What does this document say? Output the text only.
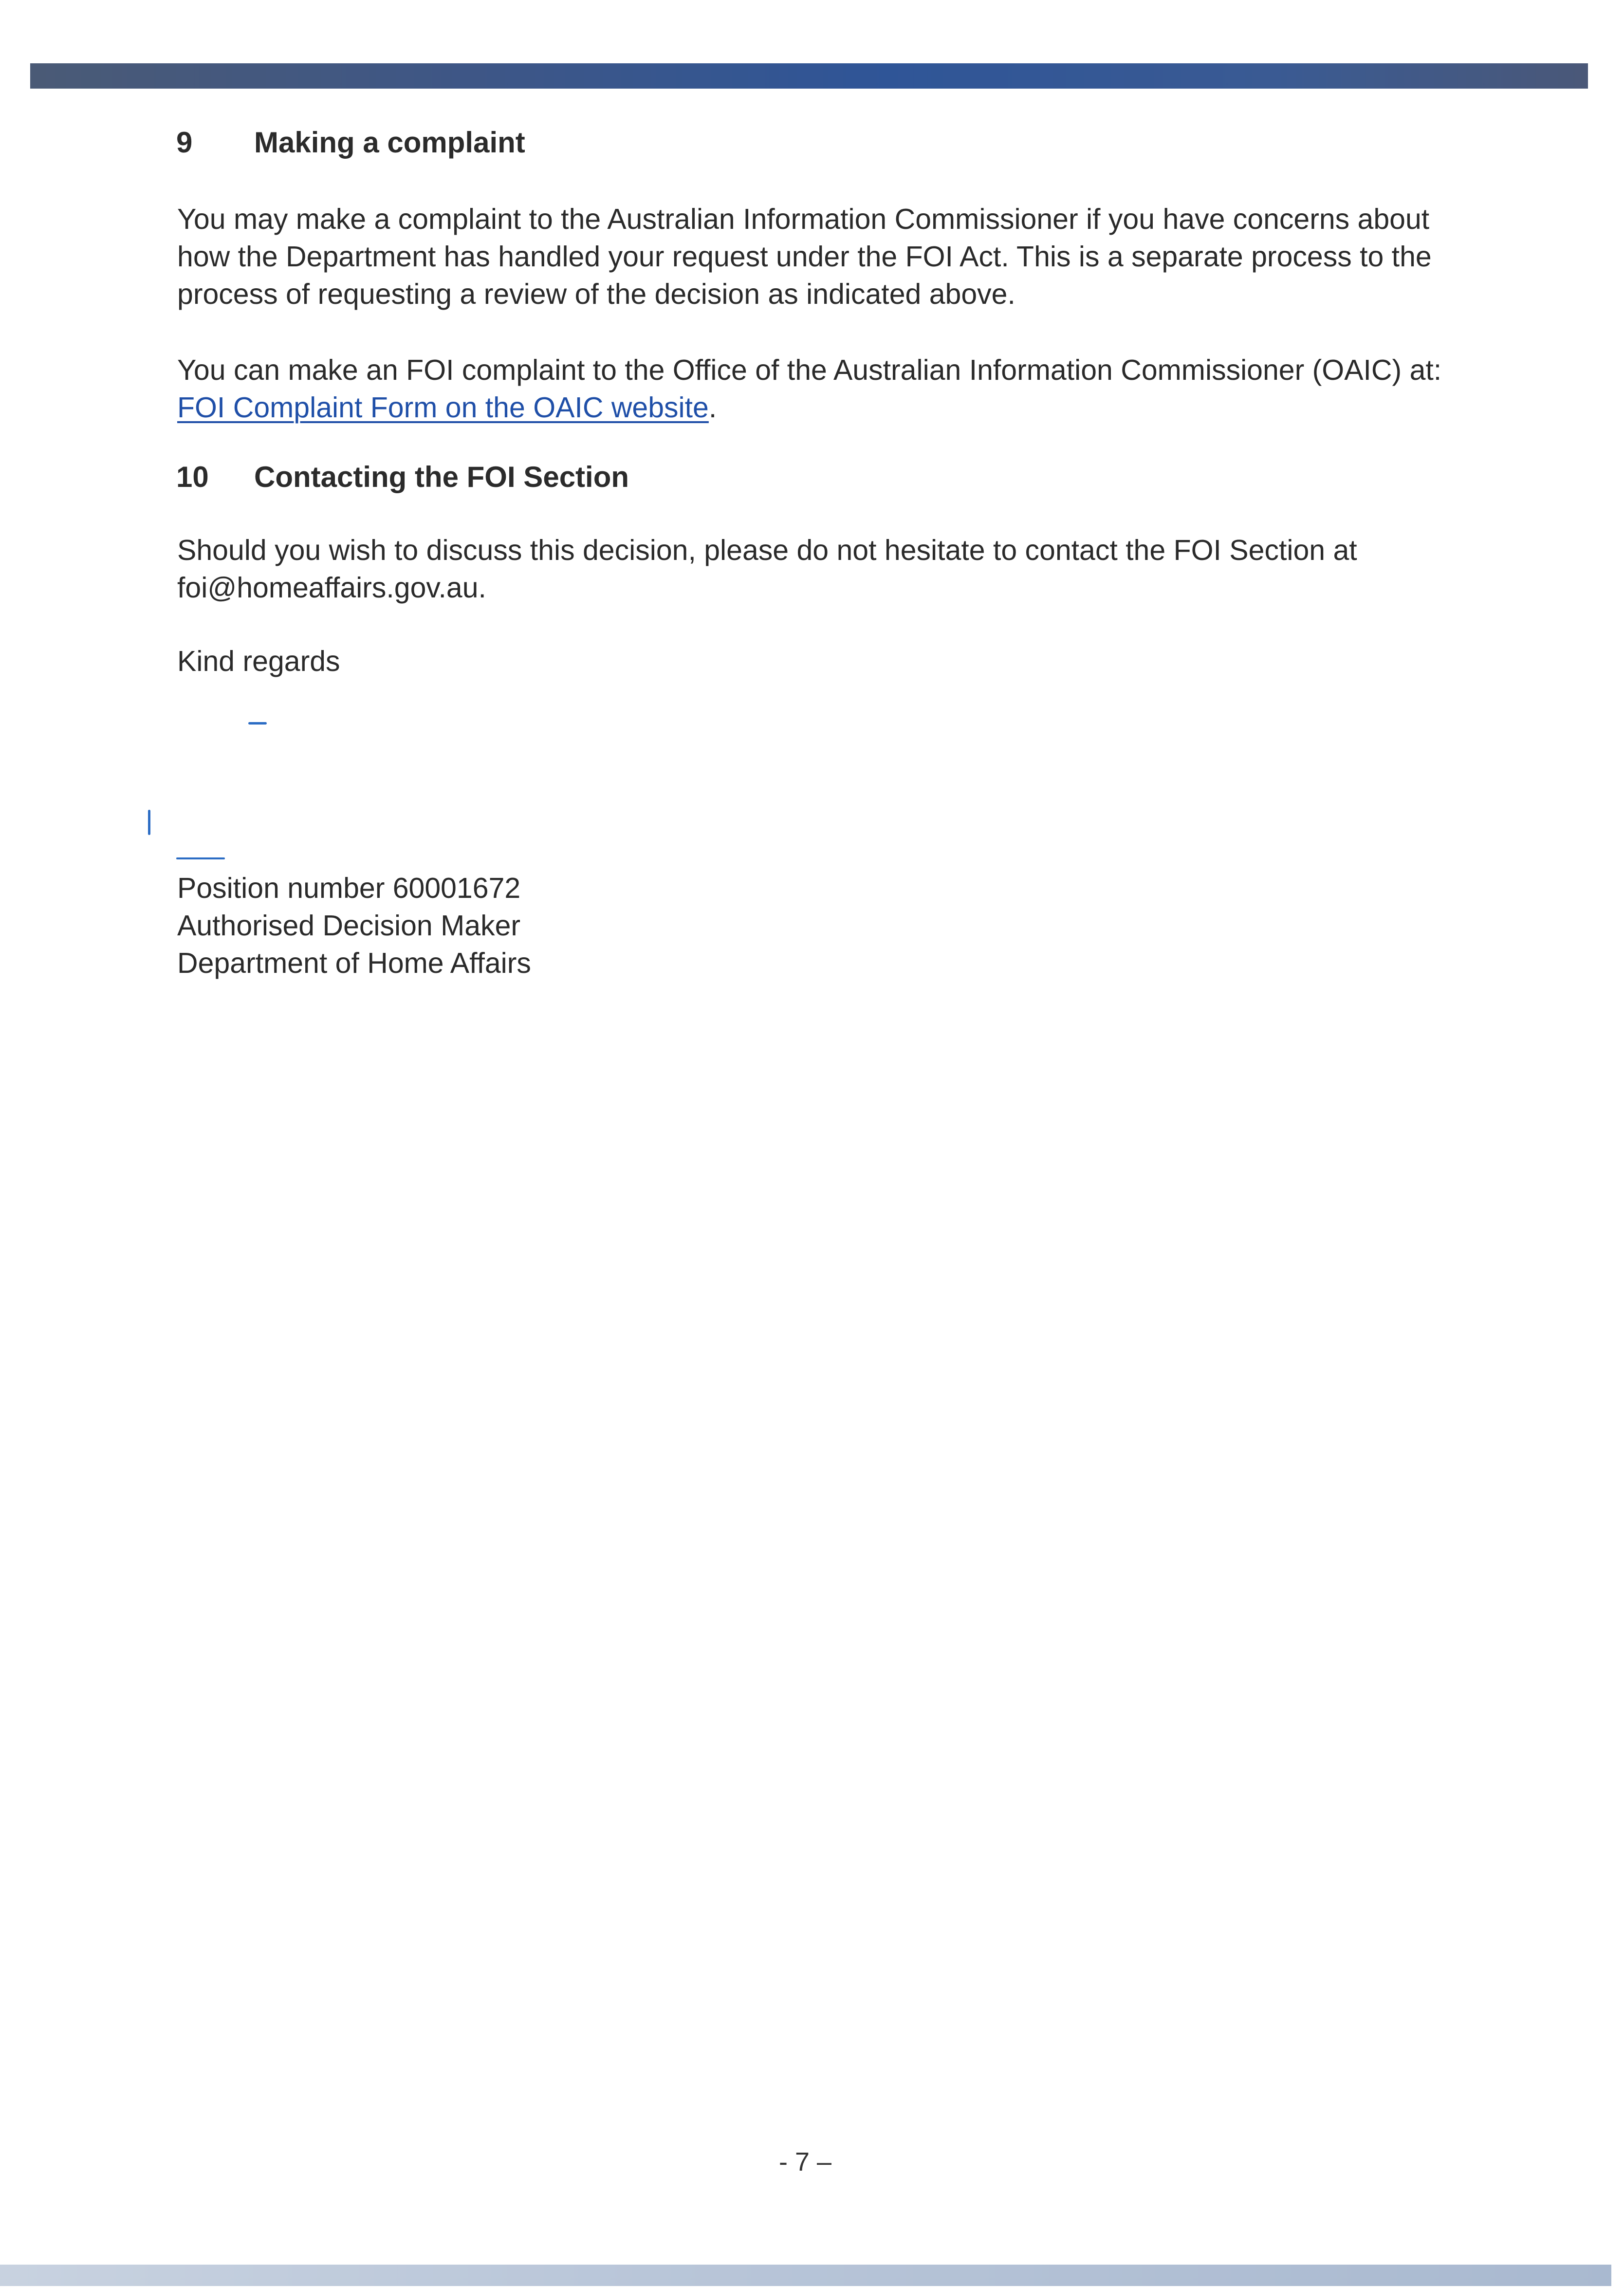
9 Making a complaint

You may make a complaint to the Australian Information Commissioner if you have concerns about how the Department has handled your request under the FOI Act. This is a separate process to the process of requesting a review of the decision as indicated above.

You can make an FOI complaint to the Office of the Australian Information Commissioner (OAIC) at: FOI Complaint Form on the OAIC website.

10 Contacting the FOI Section

Should you wish to discuss this decision, please do not hesitate to contact the FOI Section at foi@homeaffairs.gov.au.

Kind regards
Position number 60001672
Authorised Decision Maker
Department of Home Affairs
- 7 –
